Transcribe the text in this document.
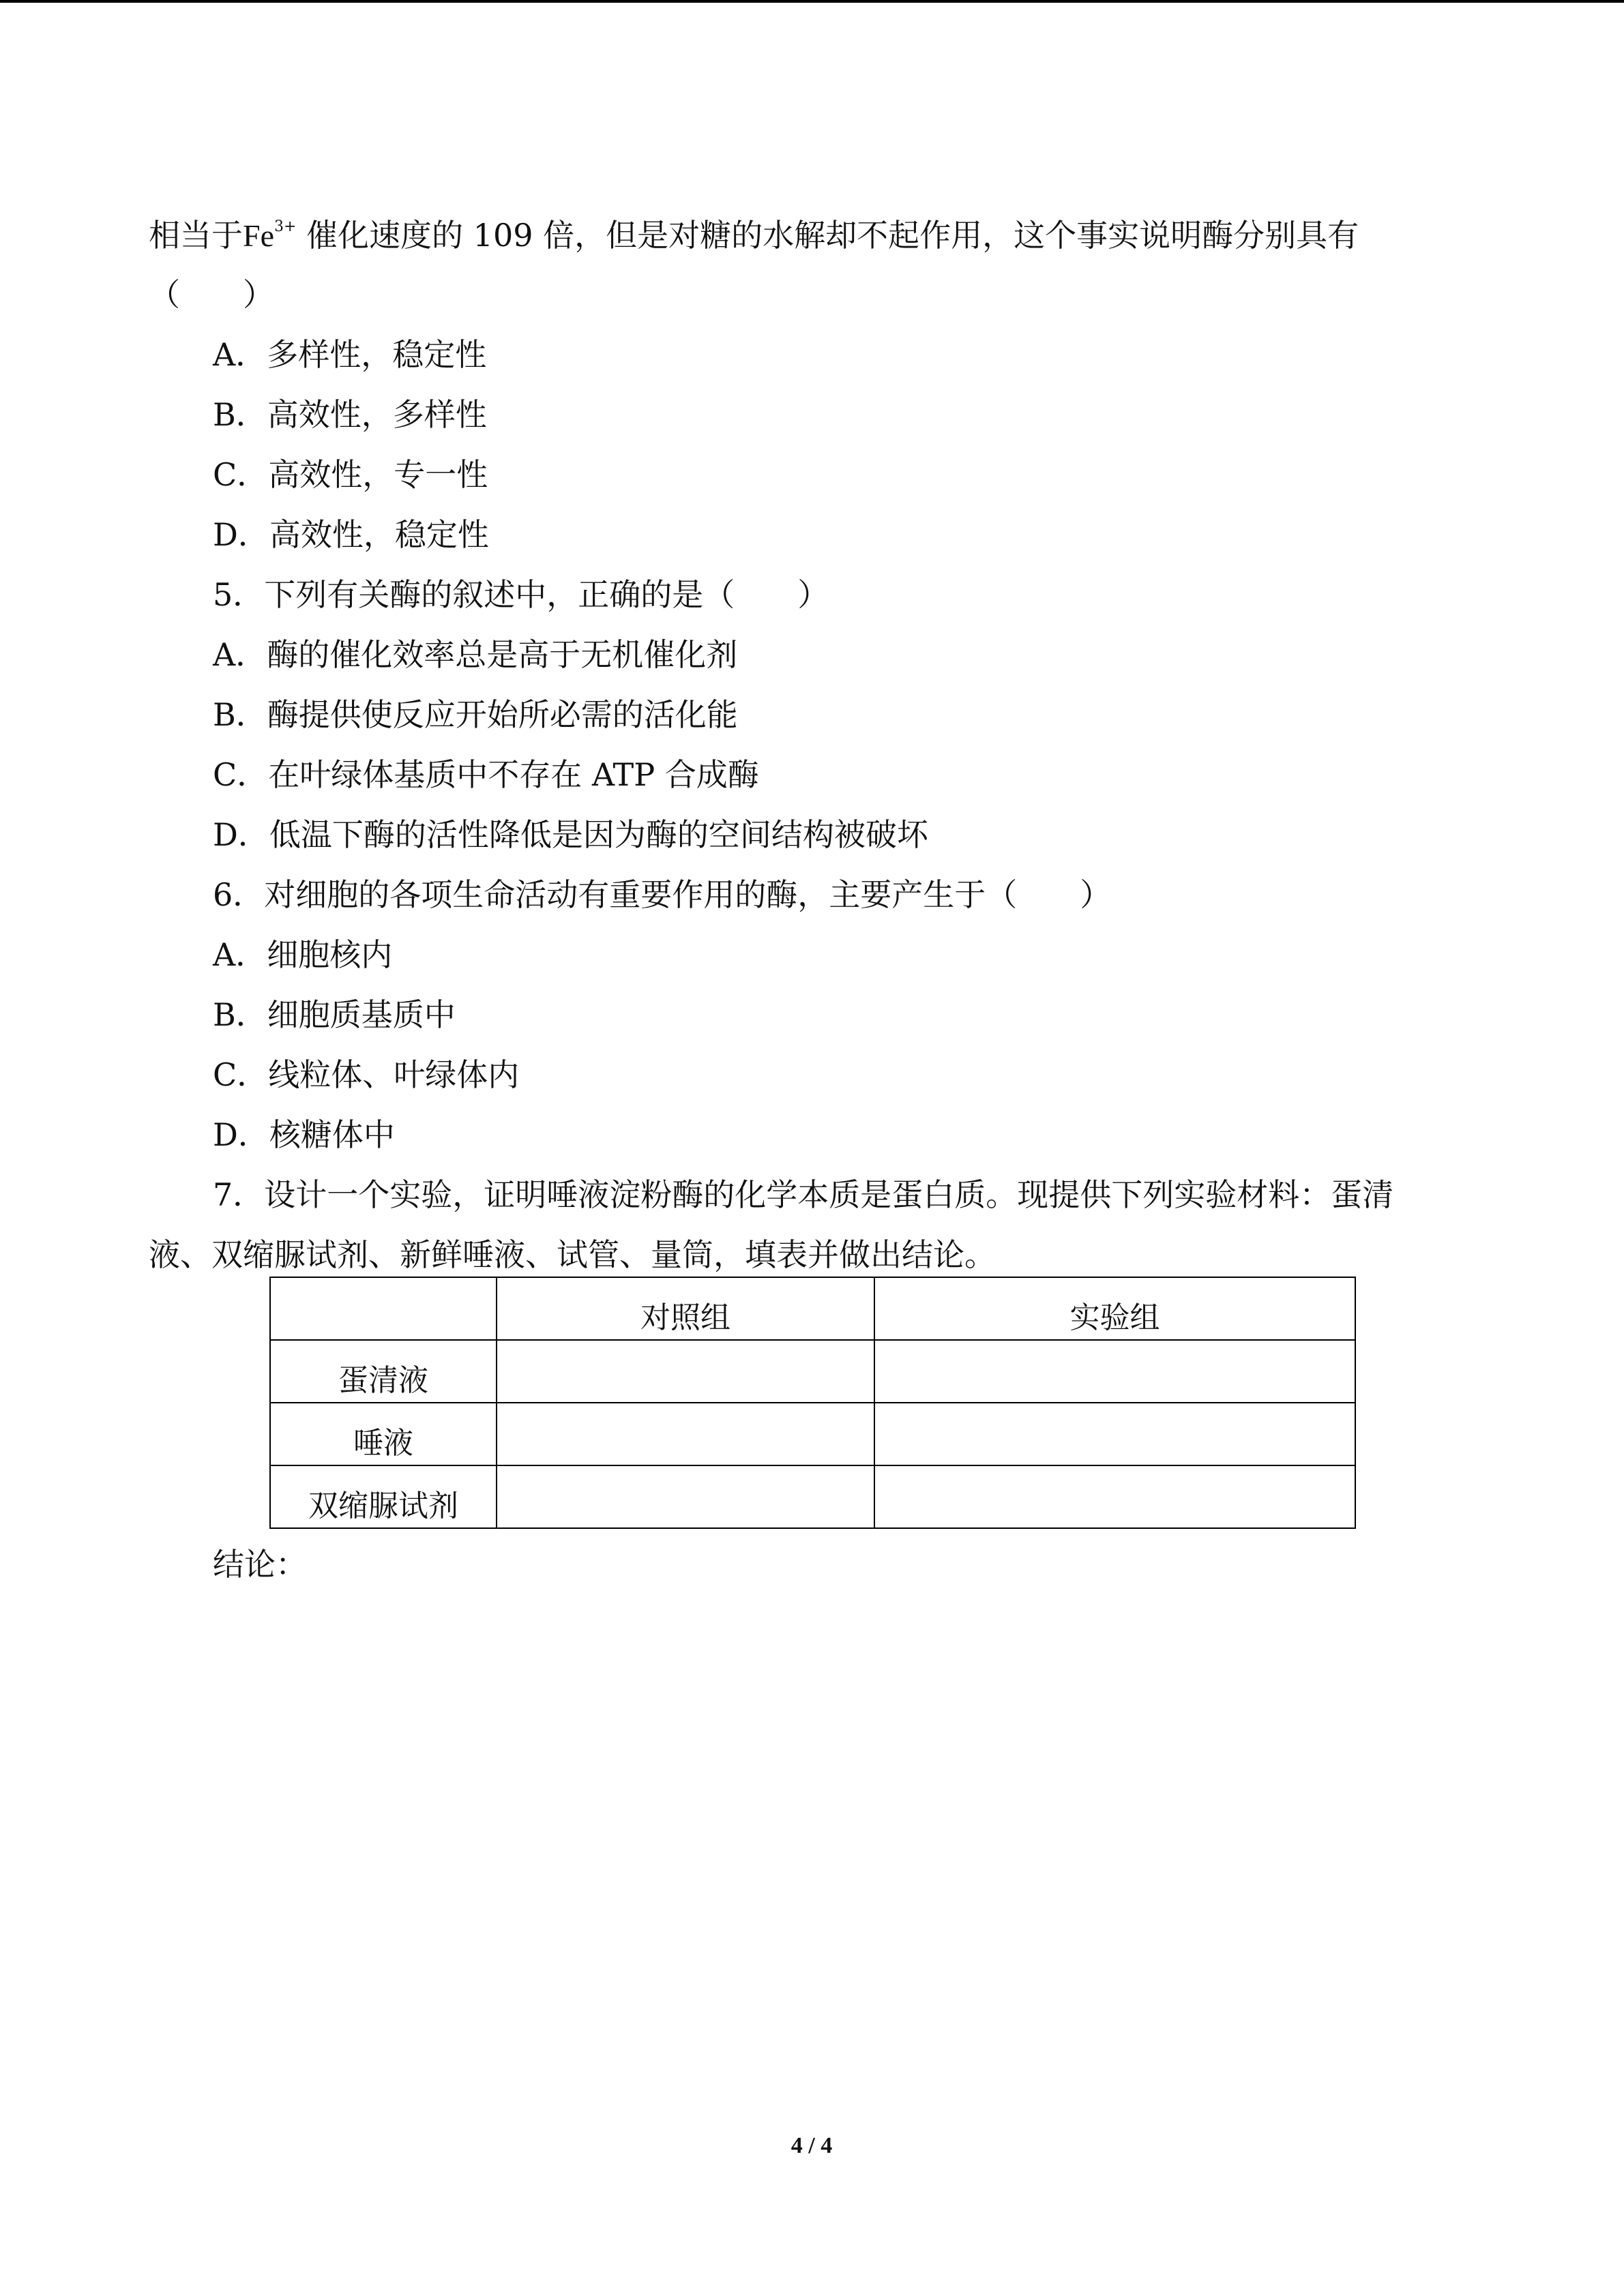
相当于$Fe^{3+}$ 催化速度的 109 倍，但是对糖的水解却不起作用，这个事实说明酶分别具有
（　　）
A．多样性，稳定性
B．高效性，多样性
C．高效性，专一性
D．高效性，稳定性
5．下列有关酶的叙述中，正确的是（　　）
A．酶的催化效率总是高于无机催化剂
B．酶提供使反应开始所必需的活化能
C．在叶绿体基质中不存在 ATP 合成酶
D．低温下酶的活性降低是因为酶的空间结构被破坏
6．对细胞的各项生命活动有重要作用的酶，主要产生于（　　）
A．细胞核内
B．细胞质基质中
C．线粒体、叶绿体内
D．核糖体中
7．设计一个实验，证明唾液淀粉酶的化学本质是蛋白质。现提供下列实验材料：蛋清
液、双缩脲试剂、新鲜唾液、试管、量筒，填表并做出结论。
	对照组	实验组
蛋清液		
唾液		
双缩脲试剂		
结论：
4 / 4
